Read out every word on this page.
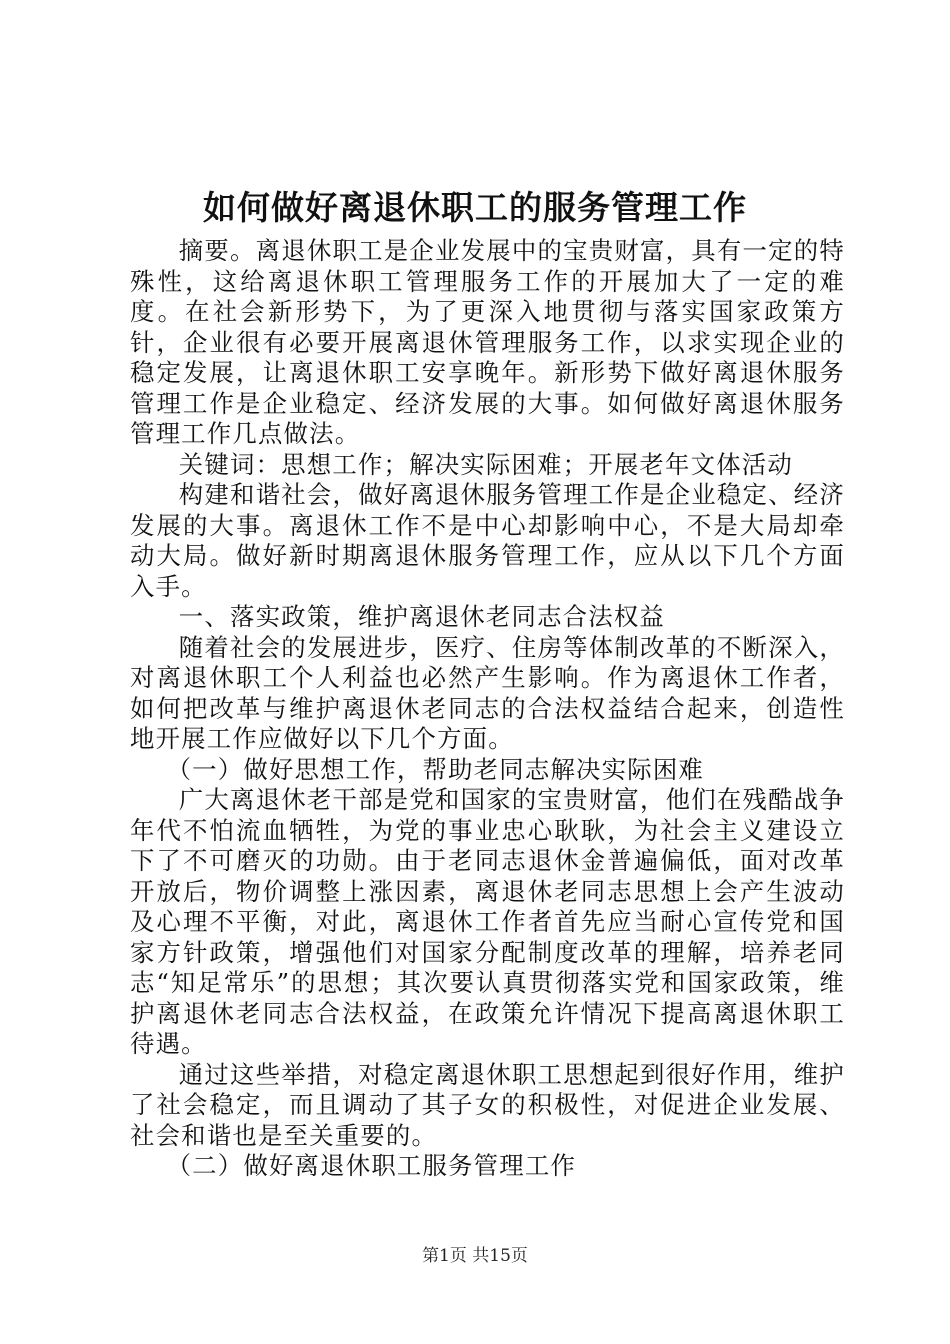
如何做好离退休职工的服务管理工作

摘要。离退休职工是企业发展中的宝贵财富，具有一定的特殊性，这给离退休职工管理服务工作的开展加大了一定的难度。在社会新形势下，为了更深入地贯彻与落实国家政策方针，企业很有必要开展离退休管理服务工作，以求实现企业的稳定发展，让离退休职工安享晚年。新形势下做好离退休服务管理工作是企业稳定、经济发展的大事。如何做好离退休服务管理工作几点做法。

关键词：思想工作；解决实际困难；开展老年文体活动

构建和谐社会，做好离退休服务管理工作是企业稳定、经济发展的大事。离退休工作不是中心却影响中心，不是大局却牵动大局。做好新时期离退休服务管理工作，应从以下几个方面入手。

一、落实政策，维护离退休老同志合法权益

随着社会的发展进步，医疗、住房等体制改革的不断深入，对离退休职工个人利益也必然产生影响。作为离退休工作者，如何把改革与维护离退休老同志的合法权益结合起来，创造性地开展工作应做好以下几个方面。

（一）做好思想工作，帮助老同志解决实际困难

广大离退休老干部是党和国家的宝贵财富，他们在残酷战争年代不怕流血牺牲，为党的事业忠心耿耿，为社会主义建设立下了不可磨灭的功勋。由于老同志退休金普遍偏低，面对改革开放后，物价调整上涨因素，离退休老同志思想上会产生波动及心理不平衡，对此，离退休工作者首先应当耐心宣传党和国家方针政策，增强他们对国家分配制度改革的理解，培养老同志“知足常乐”的思想；其次要认真贯彻落实党和国家政策，维护离退休老同志合法权益，在政策允许情况下提高离退休职工待遇。

通过这些举措，对稳定离退休职工思想起到很好作用，维护了社会稳定，而且调动了其子女的积极性，对促进企业发展、社会和谐也是至关重要的。

（二）做好离退休职工服务管理工作

第1页 共15页
